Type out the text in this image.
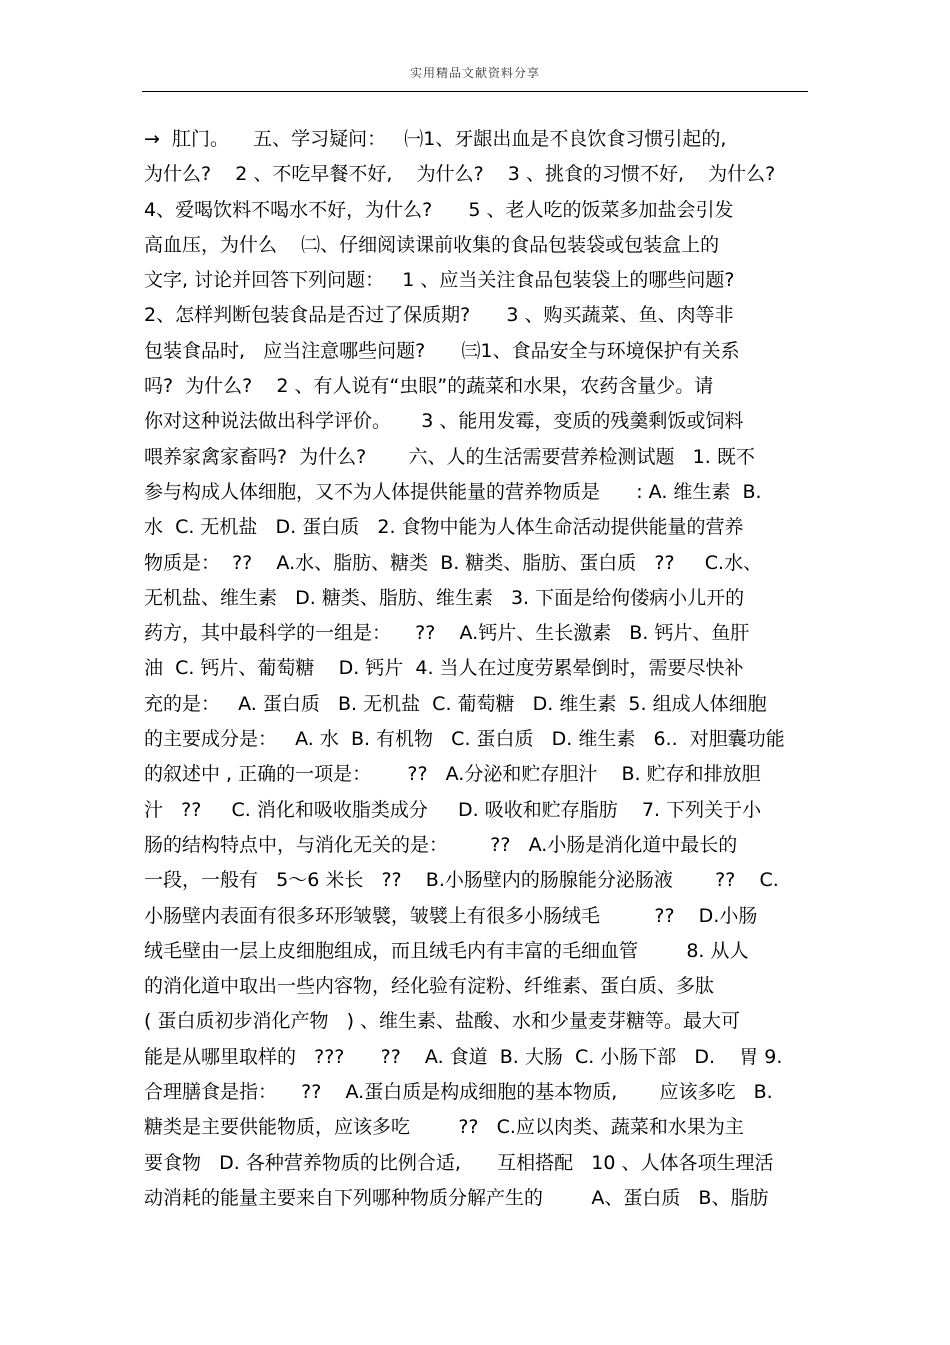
实用精品文献资料分享
→  肛门。    五、学习疑问：   ㈠1、牙龈出血是不良饮食习惯引起的,
为什么?    2 、不吃早餐不好,    为什么?    3 、挑食的习惯不好,    为什么?
4、爱喝饮料不喝水不好，为什么?      5 、老人吃的饭菜多加盐会引发
高血压，为什么    ㈡、仔细阅读课前收集的食品包装袋或包装盒上的
文字, 讨论并回答下列问题：   1 、应当关注食品包装袋上的哪些问题?
2、怎样判断包装食品是否过了保质期?      3 、购买蔬菜、鱼、肉等非
包装食品时,   应当注意哪些问题?      ㈢1、食品安全与环境保护有关系
吗?  为什么?    2 、有人说有“虫眼”的蔬菜和水果，农药含量少。请
你对这种说法做出科学评价。     3 、能用发霉，变质的残羹剩饭或饲料
喂养家禽家畜吗?  为什么?       六、人的生活需要营养检测试题   1. 既不
参与构成人体细胞，又不为人体提供能量的营养物质是      : A. 维生素  B.
水  C. 无机盐   D. 蛋白质   2. 食物中能为人体生命活动提供能量的营养
物质是：  ??    A.水、脂肪、糖类  B. 糖类、脂肪、蛋白质   ??     C.水、
无机盐、维生素   D. 糖类、脂肪、维生素   3. 下面是给佝偻病小儿开的
药方，其中最科学的一组是：    ??    A.钙片、生长激素   B. 钙片、鱼肝
油  C. 钙片、葡萄糖    D. 钙片  4. 当人在过度劳累晕倒时，需要尽快补
充的是：   A. 蛋白质   B. 无机盐  C. 葡萄糖   D. 维生素  5. 组成人体细胞
的主要成分是：   A. 水  B. 有机物   C. 蛋白质   D. 维生素   6..  对胆囊功能
的叙述中 , 正确的一项是：      ??   A.分泌和贮存胆汁    B. 贮存和排放胆
汁   ??     C. 消化和吸收脂类成分     D. 吸收和贮存脂肪    7. 下列关于小
肠的结构特点中，与消化无关的是：       ??   A.小肠是消化道中最长的
一段，一般有   5～6 米长   ??    B.小肠壁内的肠腺能分泌肠液       ??    C.
小肠壁内表面有很多环形皱襞，皱襞上有很多小肠绒毛         ??    D.小肠
绒毛壁由一层上皮细胞组成，而且绒毛内有丰富的毛细血管        8. 从人
的消化道中取出一些内容物，经化验有淀粉、纤维素、蛋白质、多肽
( 蛋白质初步消化产物   ) 、维生素、盐酸、水和少量麦芽糖等。最大可
能是从哪里取样的   ???      ??    A. 食道  B. 大肠  C. 小肠下部   D.    胃 9.
合理膳食是指：    ??    A.蛋白质是构成细胞的基本物质,       应该多吃   B.
糖类是主要供能物质，应该多吃        ??   C.应以肉类、蔬菜和水果为主
要食物   D. 各种营养物质的比例合适,      互相搭配   10 、人体各项生理活
动消耗的能量主要来自下列哪种物质分解产生的        A、蛋白质   B、脂肪
